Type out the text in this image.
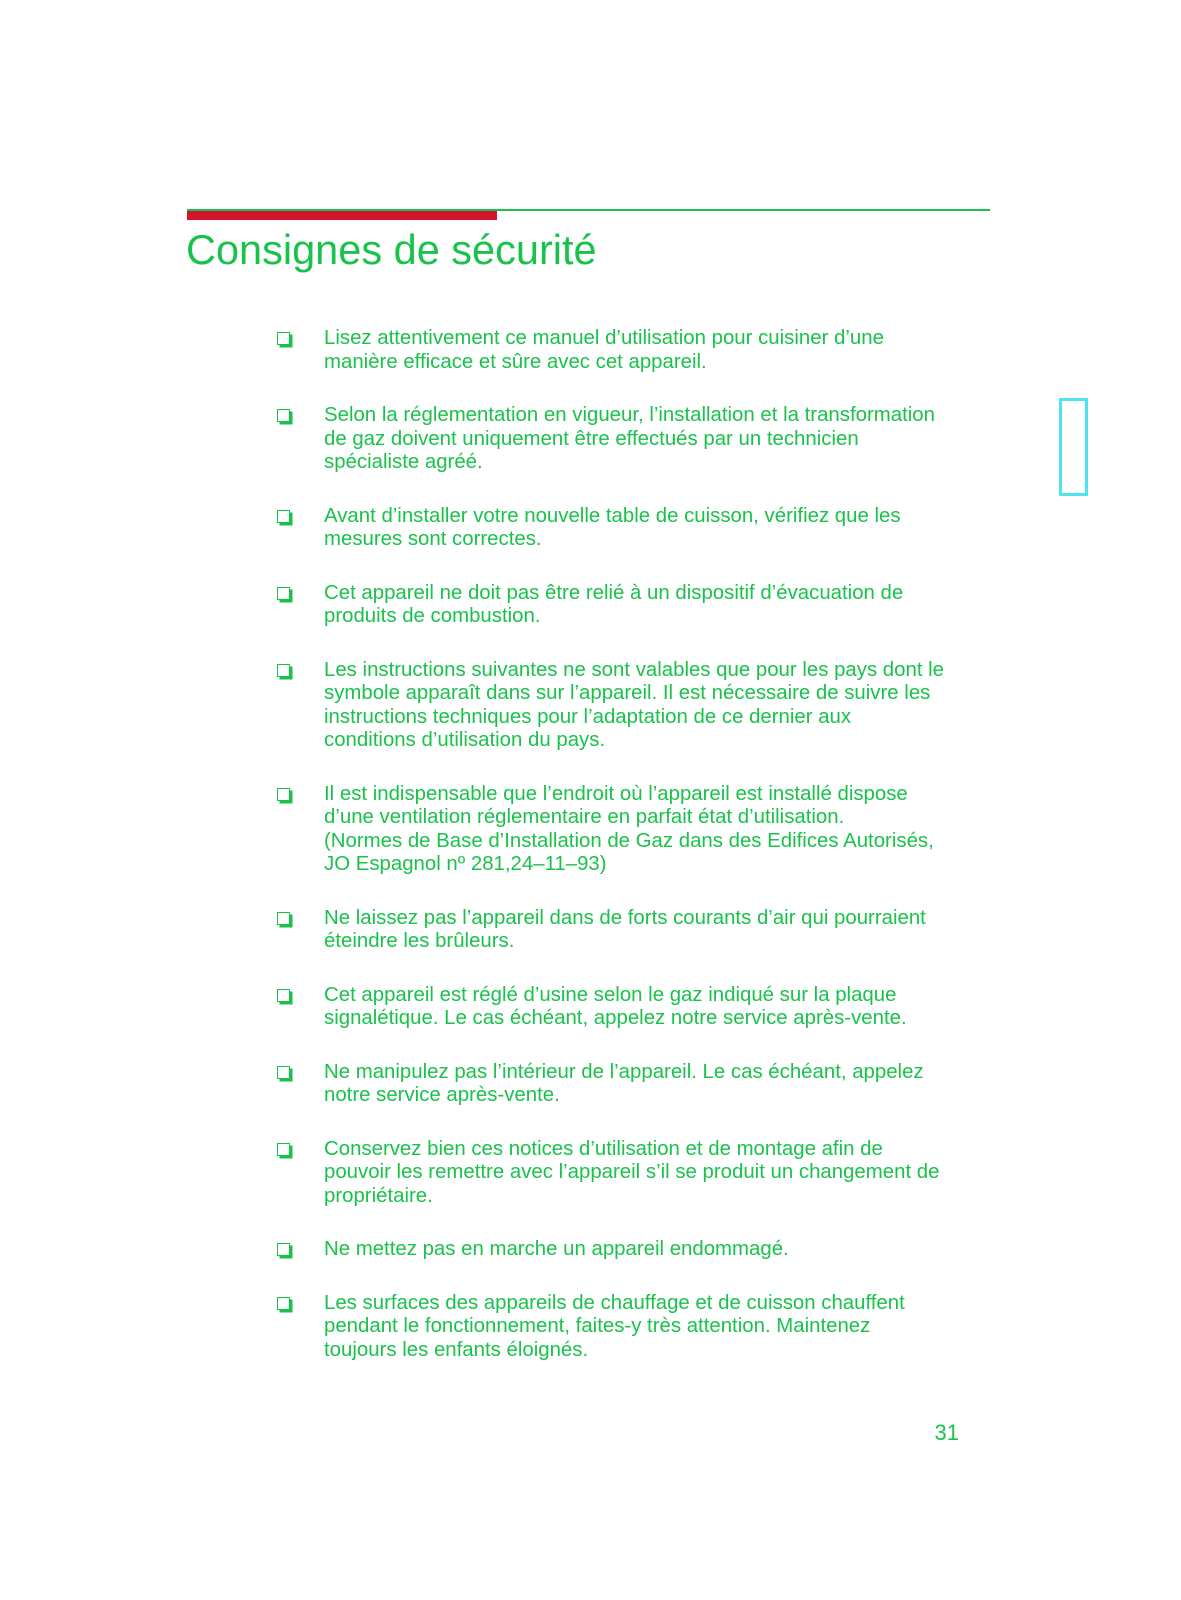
Consignes de sécurité
Lisez attentivement ce manuel d’utilisation pour cuisiner d’une
manière efficace et sûre avec cet appareil.
Selon la réglementation en vigueur, l’installation et la transformation
de gaz doivent uniquement être effectués par un technicien
spécialiste agréé.
Avant d’installer votre nouvelle table de cuisson, vérifiez que les
mesures sont correctes.
Cet appareil ne doit pas être relié à un dispositif d’évacuation de
produits de combustion.
Les instructions suivantes ne sont valables que pour les pays dont le
symbole apparaît dans sur l’appareil. Il est nécessaire de suivre les
instructions techniques pour l’adaptation de ce dernier aux
conditions d’utilisation du pays.
Il est indispensable que l’endroit où l’appareil est installé dispose
d’une ventilation réglementaire en parfait état d’utilisation.
(Normes de Base d’Installation de Gaz dans des Edifices Autorisés,
JO Espagnol nº 281,24–11–93)
Ne laissez pas l’appareil dans de forts courants d’air qui pourraient
éteindre les brûleurs.
Cet appareil est réglé d’usine selon le gaz indiqué sur la plaque
signalétique. Le cas échéant, appelez notre service après-vente.
Ne manipulez pas l’intérieur de l’appareil. Le cas échéant, appelez
notre service après-vente.
Conservez bien ces notices d’utilisation et de montage afin de
pouvoir les remettre avec l’appareil s’il se produit un changement de
propriétaire.
Ne mettez pas en marche un appareil endommagé.
Les surfaces des appareils de chauffage et de cuisson chauffent
pendant le fonctionnement, faites-y très attention. Maintenez
toujours les enfants éloignés.
31
